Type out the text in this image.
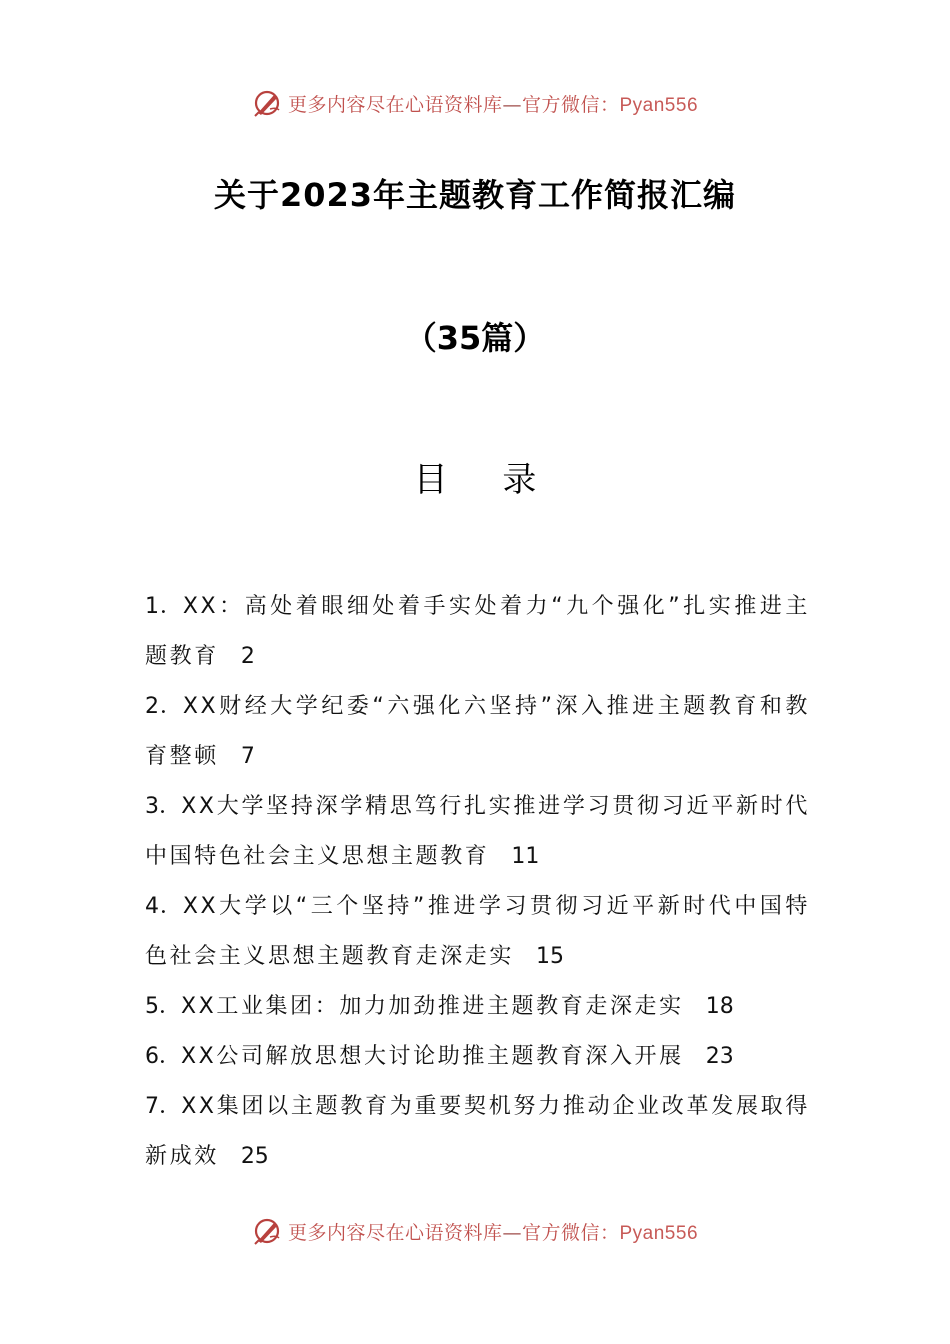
更多内容尽在心语资料库—官方微信：Pyan556
关于2023年主题教育工作简报汇编
（35篇）
目 录
1．XX：高处着眼细处着手实处着力“九个强化”扎实推进主题教育 2
2．XX财经大学纪委“六强化六坚持”深入推进主题教育和教育整顿 7
3．XX大学坚持深学精思笃行扎实推进学习贯彻习近平新时代中国特色社会主义思想主题教育 11
4．XX大学以“三个坚持”推进学习贯彻习近平新时代中国特色社会主义思想主题教育走深走实 15
5．XX工业集团：加力加劲推进主题教育走深走实 18
6．XX公司解放思想大讨论助推主题教育深入开展 23
7．XX集团以主题教育为重要契机努力推动企业改革发展取得新成效 25
更多内容尽在心语资料库—官方微信：Pyan556
